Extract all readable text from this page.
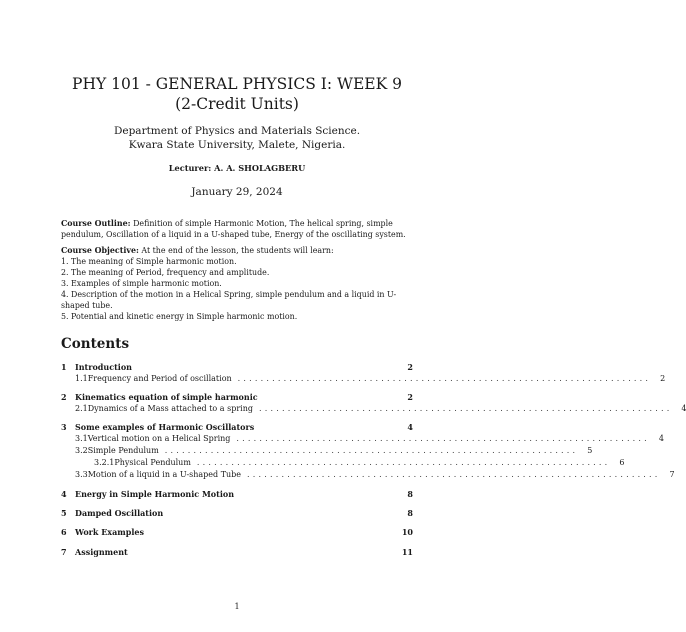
PHY 101 - GENERAL PHYSICS I: WEEK 9
(2-Credit Units)
Department of Physics and Materials Science.
Kwara State University, Malete, Nigeria.
Lecturer: A. A. SHOLAGBERU
January 29, 2024

Course Outline: Definition of simple Harmonic Motion, The helical spring, simple pendulum, Oscillation of a liquid in a U-shaped tube, Energy of the oscillating system.

Course Objective: At the end of the lesson, the students will learn:

1. The meaning of Simple harmonic motion.

2. The meaning of Period, frequency and amplitude.

3. Examples of simple harmonic motion.

4. Description of the motion in a Helical Spring, simple pendulum and a liquid in U-shaped tube.

5. Potential and kinetic energy in Simple harmonic motion.

Contents
1	Introduction	2
1.1 Frequency and Period of oscillation ........................................................................	2
2	Kinematics equation of simple harmonic	2
2.1 Dynamics of a Mass attached to a spring ........................................................................	4
3	Some examples of Harmonic Oscillators	4
3.1 Vertical motion on a Helical Spring ........................................................................	4
3.2 Simple Pendulum ........................................................................	5
3.2.1 Physical Pendulum ........................................................................	6
3.3 Motion of a liquid in a U-shaped Tube ........................................................................	7
4	Energy in Simple Harmonic Motion	8
5	Damped Oscillation	8
6	Work Examples	10
7	Assignment	11
1
